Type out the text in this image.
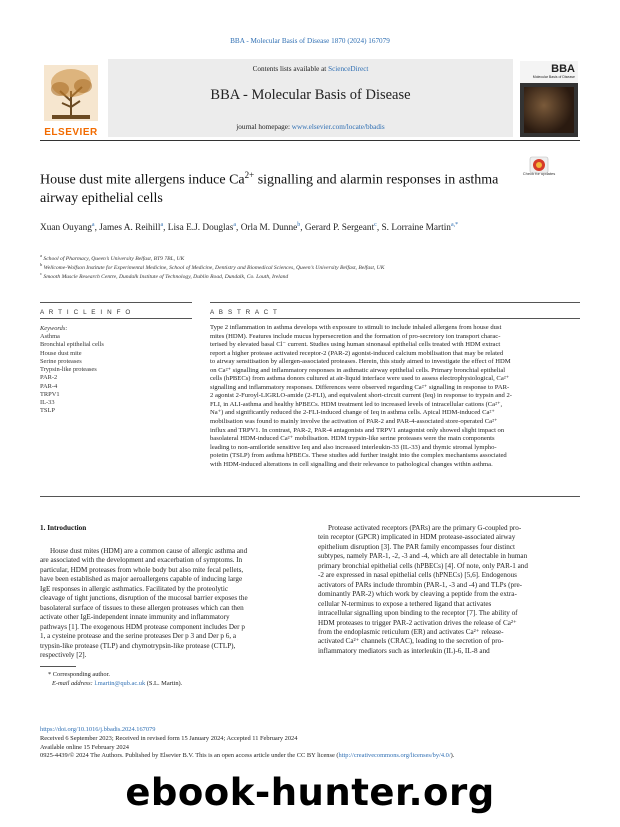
BBA - Molecular Basis of Disease 1870 (2024) 167079
ELSEVIER
Contents lists available at ScienceDirect
BBA - Molecular Basis of Disease
journal homepage: www.elsevier.com/locate/bbadis
BBA
Molecular Basis of Disease
House dust mite allergens induce $Ca^{2+}$ signalling and alarmin responses in asthma airway epithelial cells
Check for updates
Xuan Ouyang$^a$, James A. Reihill$^a$, Lisa E.J. Douglas$^a$, Orla M. Dunne$^b$, Gerard P. Sergeant$^c$, S. Lorraine Martin$^{a,*}$
$^a$ School of Pharmacy, Queen’s University Belfast, BT9 7BL, UK
$^b$ Wellcome-Wolfson Institute for Experimental Medicine, School of Medicine, Dentistry and Biomedical Sciences, Queen’s University Belfast, Belfast, UK
$^c$ Smooth Muscle Research Centre, Dundalk Institute of Technology, Dublin Road, Dundalk, Co. Louth, Ireland
A R T I C L E I N F O	A B S T R A C T
Keywords:
Asthma
Bronchial epithelial cells
House dust mite
Serine proteases
Trypsin-like proteases
PAR-2
PAR-4
TRPV1
IL-33
TSLP
Type 2 inflammation in asthma develops with exposure to stimuli to include inhaled allergens from house dust
mites (HDM). Features include mucus hypersecretion and the formation of pro-secretory ion transport charac-
terised by elevated basal Cl⁻ current. Studies using human sinonasal epithelial cells treated with HDM extract
report a higher protease activated receptor-2 (PAR-2) agonist-induced calcium mobilisation that may be related
to airway sensitisation by allergen-associated proteases. Herein, this study aimed to investigate the effect of HDM
on Ca²⁺ signalling and inflammatory responses in asthmatic airway epithelial cells. Primary bronchial epithelial
cells (hPBECs) from asthma donors cultured at air-liquid interface were used to assess electrophysiological, Ca²⁺
signalling and inflammatory responses. Differences were observed regarding Ca²⁺ signalling in response to PAR-
2 agonist 2-Furoyl-LIGRLO-amide (2-FLI), and equivalent short-circuit current (Ieq) in response to trypsin and 2-
FLI, in ALI-asthma and healthy hPBECs. HDM treatment led to increased levels of intracellular cations (Ca²⁺,
Na⁺) and significantly reduced the 2-FLI-induced change of Ieq in asthma cells. Apical HDM-induced Ca²⁺
mobilisation was found to mainly involve the activation of PAR-2 and PAR-4-associated store-operated Ca²⁺
influx and TRPV1. In contrast, PAR-2, PAR-4 antagonists and TRPV1 antagonist only showed slight impact on
basolateral HDM-induced Ca²⁺ mobilisation. HDM trypsin-like serine proteases were the main components
leading to non-amiloride sensitive Ieq and also increased interleukin-33 (IL-33) and thymic stromal lympho-
poietin (TSLP) from asthma hPBECs. These studies add further insight into the complex mechanisms associated
with HDM-induced alterations in cell signalling and their relevance to pathological changes within asthma.
1. Introduction
House dust mites (HDM) are a common cause of allergic asthma and
are associated with the development and exacerbation of symptoms. In
particular, HDM proteases from whole body but also mite fecal pellets,
have been established as major aeroallergens capable of inducing large
IgE responses in allergic asthmatics. Facilitated by the proteolytic
cleavage of tight junctions, disruption of the mucosal barrier exposes the
basolateral surface of tissues to these allergen proteases which can then
activate other IgE-independent innate immunity and inflammatory
pathways [1]. The exogenous HDM protease component includes Der p
1, a cysteine protease and the serine proteases Der p 3 and Der p 6, a
trypsin-like protease (TLP) and chymotrypsin-like protease (CTLP),
respectively [2].
Protease activated receptors (PARs) are the primary G-coupled pro-
tein receptor (GPCR) implicated in HDM protease-associated airway
epithelium disruption [3]. The PAR family encompasses four distinct
subtypes, namely PAR-1, -2, -3 and -4, which are all detectable in human
primary bronchial epithelial cells (hPBECs) [4]. Of note, only PAR-1 and
-2 are expressed in nasal epithelial cells (hPNECs) [5,6]. Endogenous
activators of PARs include thrombin (PAR-1, -3 and -4) and TLPs (pre-
dominantly PAR-2) which work by cleaving a peptide from the extra-
cellular N-terminus to expose a tethered ligand that activates
intracellular signalling upon binding to the receptor [7]. The ability of
HDM proteases to trigger PAR-2 activation drives the release of Ca²⁺
from the endoplasmic reticulum (ER) and activates Ca²⁺ release-
activated Ca²⁺ channels (CRAC), leading to the secretion of pro-
inflammatory mediators such as interleukin (IL)-6, IL-8 and
* Corresponding author.
E-mail address: l.martin@qub.ac.uk (S.L. Martin).
https://doi.org/10.1016/j.bbadis.2024.167079
Received 6 September 2023; Received in revised form 15 January 2024; Accepted 11 February 2024
Available online 15 February 2024
0925-4439/© 2024 The Authors. Published by Elsevier B.V. This is an open access article under the CC BY license (http://creativecommons.org/licenses/by/4.0/).
ebook-hunter.org
